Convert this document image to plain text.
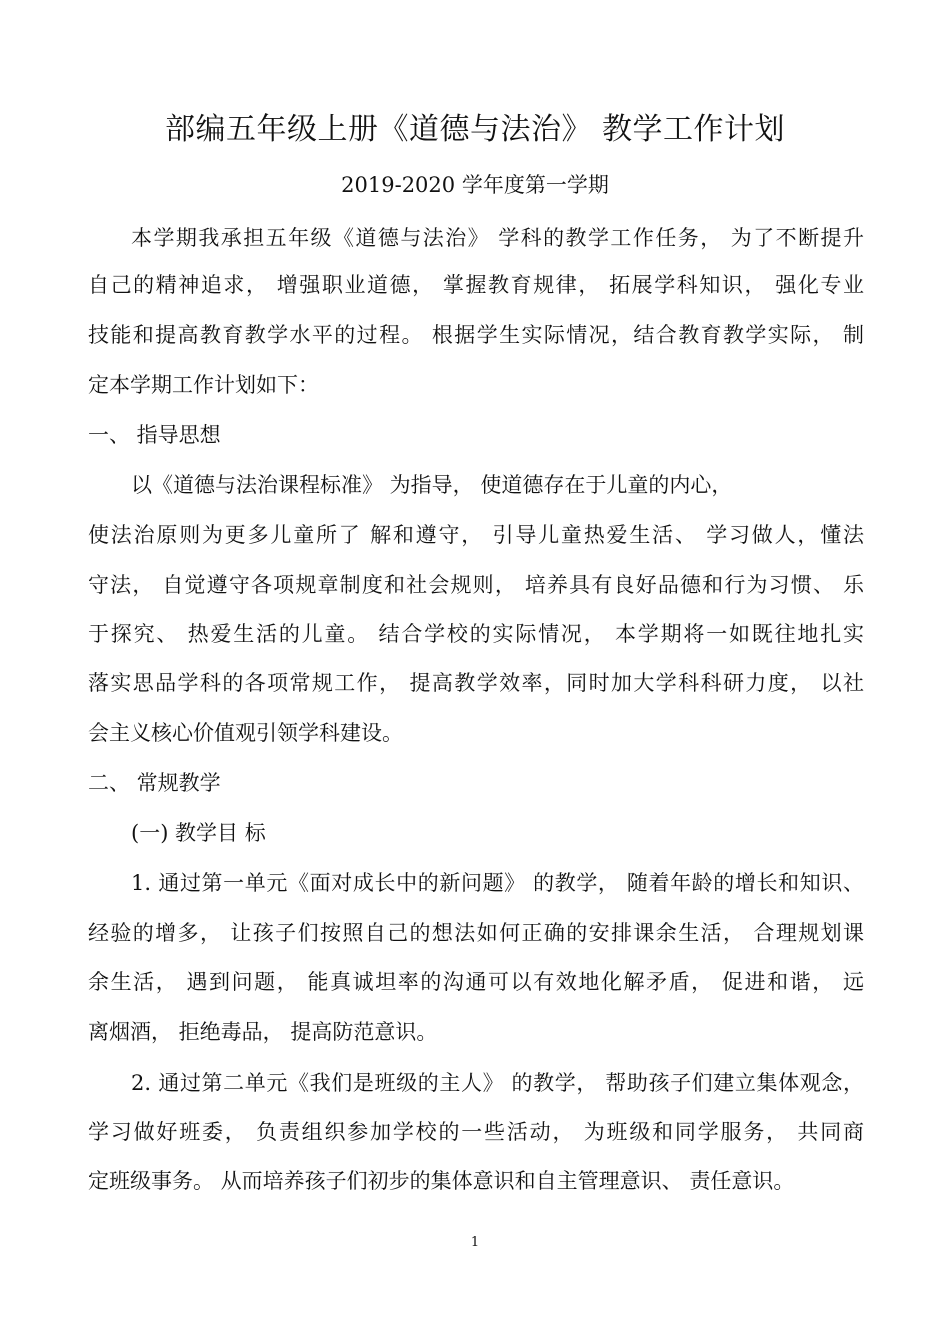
部编五年级上册《道德与法治》 教学工作计划
2019-2020 学年度第一学期
本学期我承担五年级《道德与法治》 学科的教学工作任务， 为了不断提升
自己的精神追求， 增强职业道德， 掌握教育规律， 拓展学科知识， 强化专业
技能和提高教育教学水平的过程。 根据学生实际情况，结合教育教学实际， 制
定本学期工作计划如下：
一、 指导思想
以《道德与法治课程标准》 为指导， 使道德存在于儿童的内心，
使法治原则为更多儿童所了 解和遵守， 引导儿童热爱生活、 学习做人，懂法
守法， 自觉遵守各项规章制度和社会规则， 培养具有良好品德和行为习惯、 乐
于探究、 热爱生活的儿童。 结合学校的实际情况， 本学期将一如既往地扎实
落实思品学科的各项常规工作， 提高教学效率，同时加大学科科研力度， 以社
会主义核心价值观引领学科建设。
二、 常规教学
(一) 教学目 标
1. 通过第一单元《面对成长中的新问题》 的教学， 随着年龄的增长和知识、
经验的增多， 让孩子们按照自己的想法如何正确的安排课余生活， 合理规划课
余生活， 遇到问题， 能真诚坦率的沟通可以有效地化解矛盾， 促进和谐， 远
离烟酒， 拒绝毒品， 提高防范意识。
2. 通过第二单元《我们是班级的主人》 的教学， 帮助孩子们建立集体观念，
学习做好班委， 负责组织参加学校的一些活动， 为班级和同学服务， 共同商
定班级事务。 从而培养孩子们初步的集体意识和自主管理意识、 责任意识。
1
